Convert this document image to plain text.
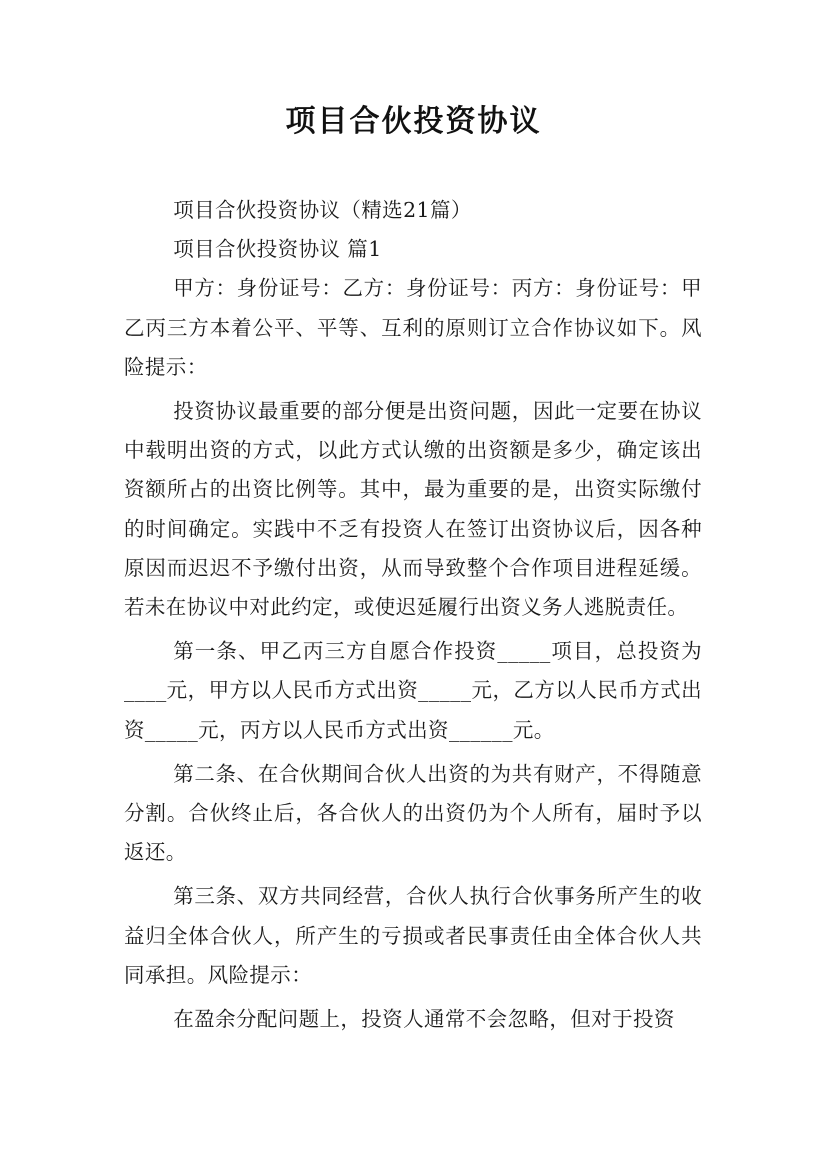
项目合伙投资协议

项目合伙投资协议（精选21篇）

项目合伙投资协议 篇1

甲方：身份证号：乙方：身份证号：丙方：身份证号：甲乙丙三方本着公平、平等、互利的原则订立合作协议如下。风险提示：

投资协议最重要的部分便是出资问题，因此一定要在协议中载明出资的方式，以此方式认缴的出资额是多少，确定该出资额所占的出资比例等。其中，最为重要的是，出资实际缴付的时间确定。实践中不乏有投资人在签订出资协议后，因各种原因而迟迟不予缴付出资，从而导致整个合作项目进程延缓。若未在协议中对此约定，或使迟延履行出资义务人逃脱责任。

第一条、甲乙丙三方自愿合作投资_____项目，总投资为____元，甲方以人民币方式出资_____元，乙方以人民币方式出资_____元，丙方以人民币方式出资______元。

第二条、在合伙期间合伙人出资的为共有财产，不得随意分割。合伙终止后，各合伙人的出资仍为个人所有，届时予以返还。

第三条、双方共同经营，合伙人执行合伙事务所产生的收益归全体合伙人，所产生的亏损或者民事责任由全体合伙人共同承担。风险提示：

在盈余分配问题上，投资人通常不会忽略，但对于投资
